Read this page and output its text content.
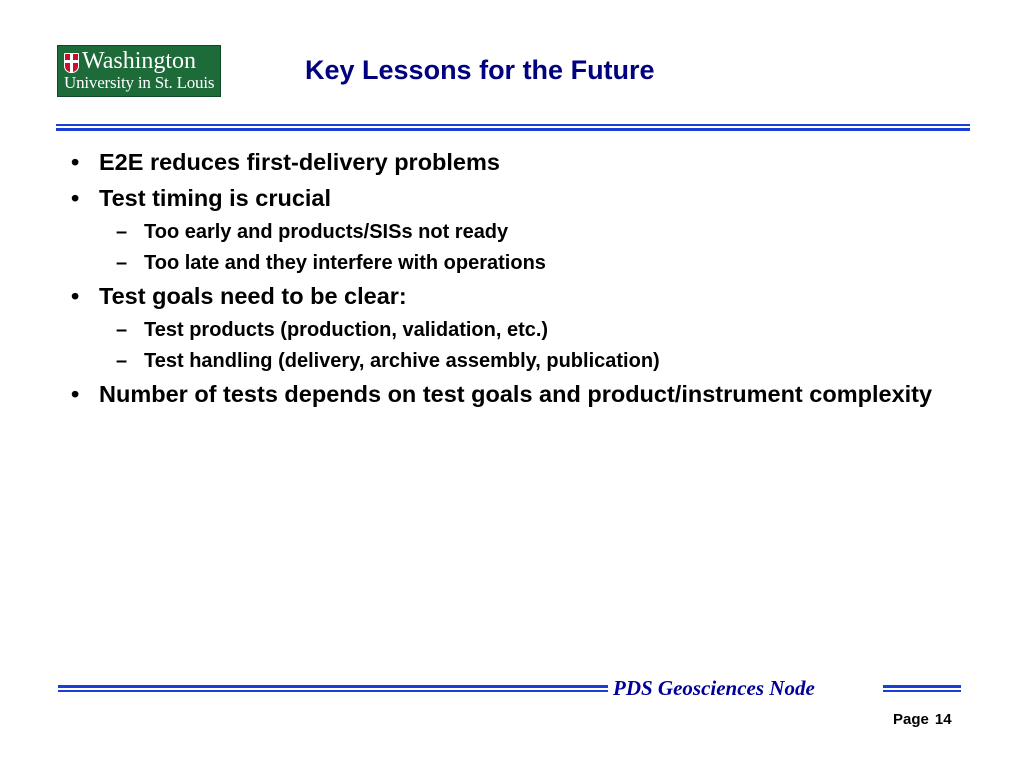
Washington
University in St. Louis	Key Lessons for the Future
• E2E reduces first-delivery problems
• Test timing is crucial
– Too early and products/SISs not ready
– Too late and they interfere with operations
• Test goals need to be clear:
– Test products (production, validation, etc.)
– Test handling (delivery, archive assembly, publication)
• Number of tests depends on test goals and product/instrument complexity
PDS Geosciences Node
Page 14
